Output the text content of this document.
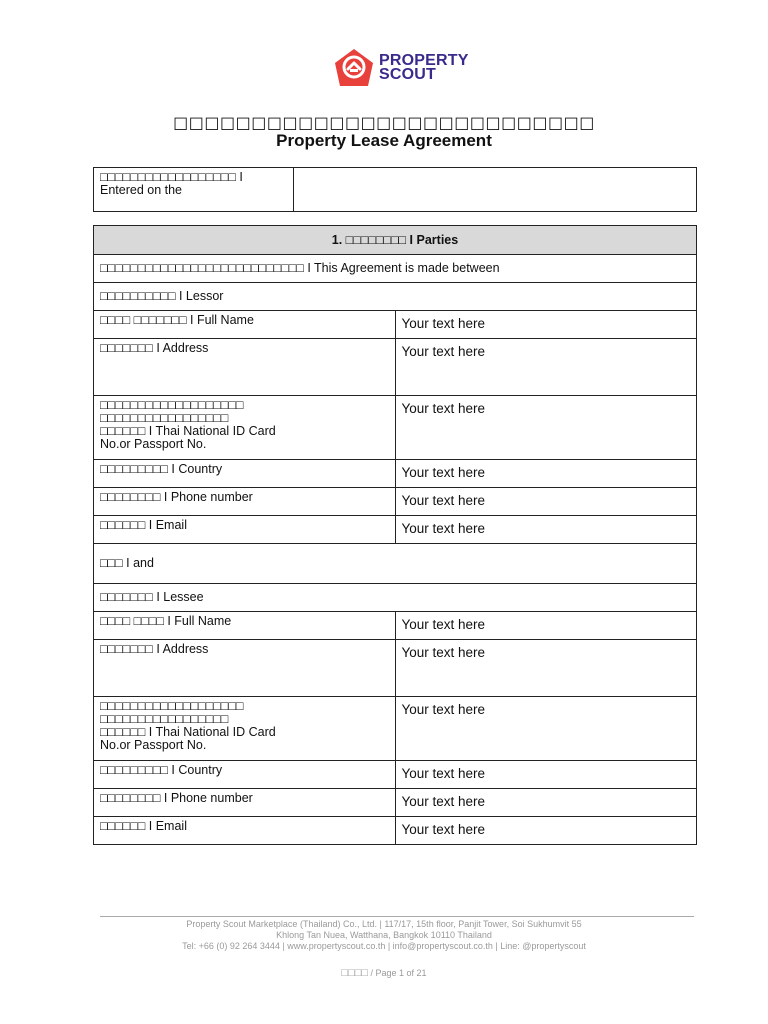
PROPERTY
SCOUT
□□□□□□□□□□□□□□□□□□□□□□□□□□□
Property Lease Agreement
□□□□□□□□□□□□□□□□□□ I
Entered on the

1. □□□□□□□□ I Parties	
□□□□□□□□□□□□□□□□□□□□□□□□□□□ I This Agreement is made between	
□□□□□□□□□□ I Lessor	
□□□□ □□□□□□□ I Full Name	Your text here
□□□□□□□ I Address	Your text here

□□□□□□□□□□□□□□□□□□□
□□□□□□□□□□□□□□□□□
□□□□□□ I Thai National ID Card
No.or Passport No.	Your text here
□□□□□□□□□ I Country	Your text here
□□□□□□□□ I Phone number	Your text here
□□□□□□ I Email	Your text here
□□□ I and	
□□□□□□□ I Lessee	
□□□□ □□□□ I Full Name	Your text here
□□□□□□□ I Address	Your text here

□□□□□□□□□□□□□□□□□□□
□□□□□□□□□□□□□□□□□
□□□□□□ I Thai National ID Card
No.or Passport No.	Your text here
□□□□□□□□□ I Country	Your text here
□□□□□□□□ I Phone number	Your text here
□□□□□□ I Email	Your text here
Property Scout Marketplace (Thailand) Co., Ltd. | 117/17, 15th floor, Panjit Tower, Soi Sukhumvit 55
Khlong Tan Nuea, Watthana, Bangkok 10110 Thailand
Tel: +66 (0) 92 264 3444 | www.propertyscout.co.th | info@propertyscout.co.th | Line: @propertyscout
□□□□ / Page 1 of 21
